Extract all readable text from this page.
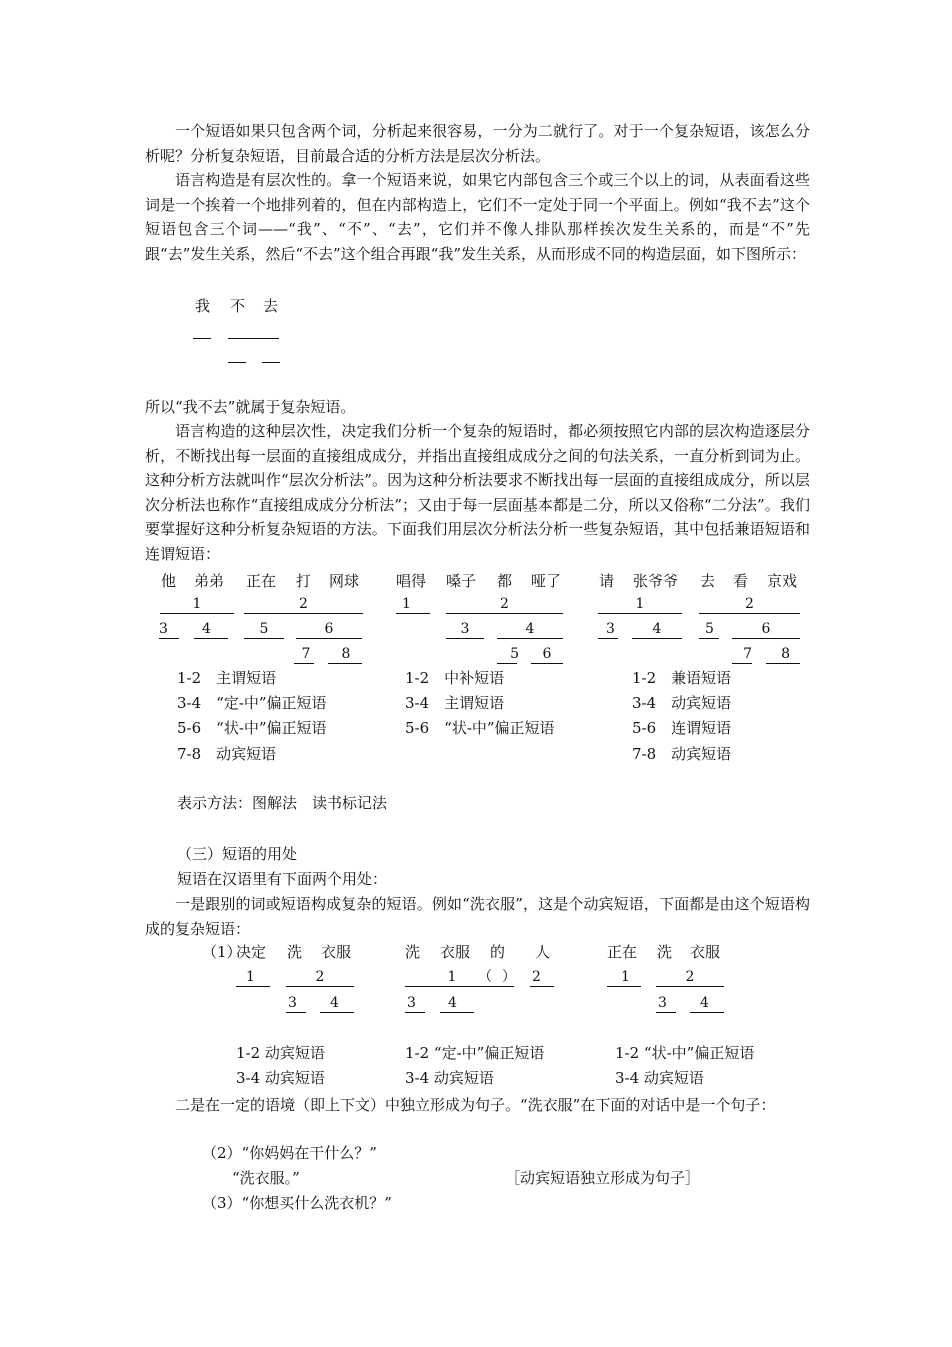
一个短语如果只包含两个词，分析起来很容易，一分为二就行了。对于一个复杂短语，该怎么分析呢？分析复杂短语，目前最合适的分析方法是层次分析法。

语言构造是有层次性的。拿一个短语来说，如果它内部包含三个或三个以上的词，从表面看这些词是一个挨着一个地排列着的，但在内部构造上，它们不一定处于同一个平面上。例如“我不去”这个短语包含三个词——“我”、“不”、“去”，它们并不像人排队那样挨次发生关系的，而是“不”先跟“去”发生关系，然后“不去”这个组合再跟“我”发生关系，从而形成不同的构造层面，如下图所示：

我 不 去

所以“我不去”就属于复杂短语。

语言构造的这种层次性，决定我们分析一个复杂的短语时，都必须按照它内部的层次构造逐层分析，不断找出每一层面的直接组成成分，并指出直接组成成分之间的句法关系，一直分析到词为止。这种分析方法就叫作“层次分析法”。因为这种分析法要求不断找出每一层面的直接组成成分，所以层次分析法也称作“直接组成成分分析法”；又由于每一层面基本都是二分，所以又俗称“二分法”。我们要掌握好这种分析复杂短语的方法。下面我们用层次分析法分析一些复杂短语，其中包括兼语短语和连谓短语：

他 弟弟 正在 打 网球
1	2
3	4	5	6
7	8
1-2　主谓短语
3-4　“定-中”偏正短语
5-6　“状-中”偏正短语
7-8　动宾短语
唱得 嗓子 都 哑了
1	2
3	4
5	6
1-2　中补短语
3-4　主谓短语
5-6　“状-中”偏正短语
请 张爷爷 去 看 京戏
1	2
3	4	5	6
7	8
1-2　兼语短语
3-4　动宾短语
5-6　连谓短语
7-8　动宾短语
表示方法：图解法　读书标记法
（三）短语的用处
短语在汉语里有下面两个用处：

一是跟别的词或短语构成复杂的短语。例如“洗衣服”，这是个动宾短语，下面都是由这个短语构成的复杂短语：

（1）
决定 洗 衣服
1	2
3	4
1-2 动宾短语
3-4 动宾短语
洗 衣服 的 人
1 （ ） 2
3	4
1-2 “定-中”偏正短语
3-4 动宾短语
正在 洗 衣服
1	2
3	4
1-2 “状-中”偏正短语
3-4 动宾短语

二是在一定的语境（即上下文）中独立形成为句子。“洗衣服”在下面的对话中是一个句子：

（2）“你妈妈在干什么？”
“洗衣服。”	［动宾短语独立形成为句子］
（3）“你想买什么洗衣机？”
